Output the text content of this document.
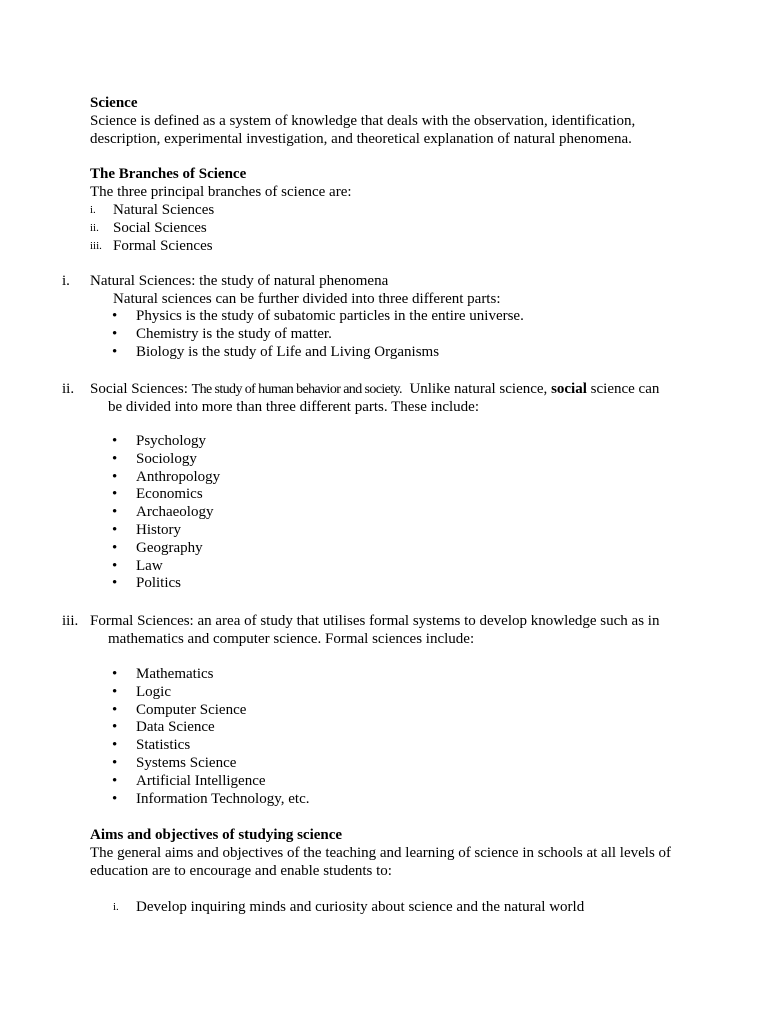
Science
Science is defined as a system of knowledge that deals with the observation, identification,
description, experimental investigation, and theoretical explanation of natural phenomena.
The Branches of Science
The three principal branches of science are:
i.
ii.
iii.
Natural Sciences
Social Sciences
Formal Sciences
i. Natural Sciences: the study of natural phenomena
Natural sciences can be further divided into three different parts:
• Physics is the study of subatomic particles in the entire universe.
• Chemistry is the study of matter.
• Biology is the study of Life and Living Organisms
ii. Social Sciences: The study of human behavior and society.  Unlike natural science, social science can
be divided into more than three different parts. These include:
• Psychology
• Sociology
• Anthropology
• Economics
• Archaeology
• History
• Geography
• Law
• Politics
iii. Formal Sciences: an area of study that utilises formal systems to develop knowledge such as in
mathematics and computer science. Formal sciences include:
• Mathematics
• Logic
• Computer Science
• Data Science
• Statistics
• Systems Science
• Artificial Intelligence
• Information Technology, etc.
Aims and objectives of studying science
The general aims and objectives of the teaching and learning of science in schools at all levels of
education are to encourage and enable students to:
i. Develop inquiring minds and curiosity about science and the natural world
